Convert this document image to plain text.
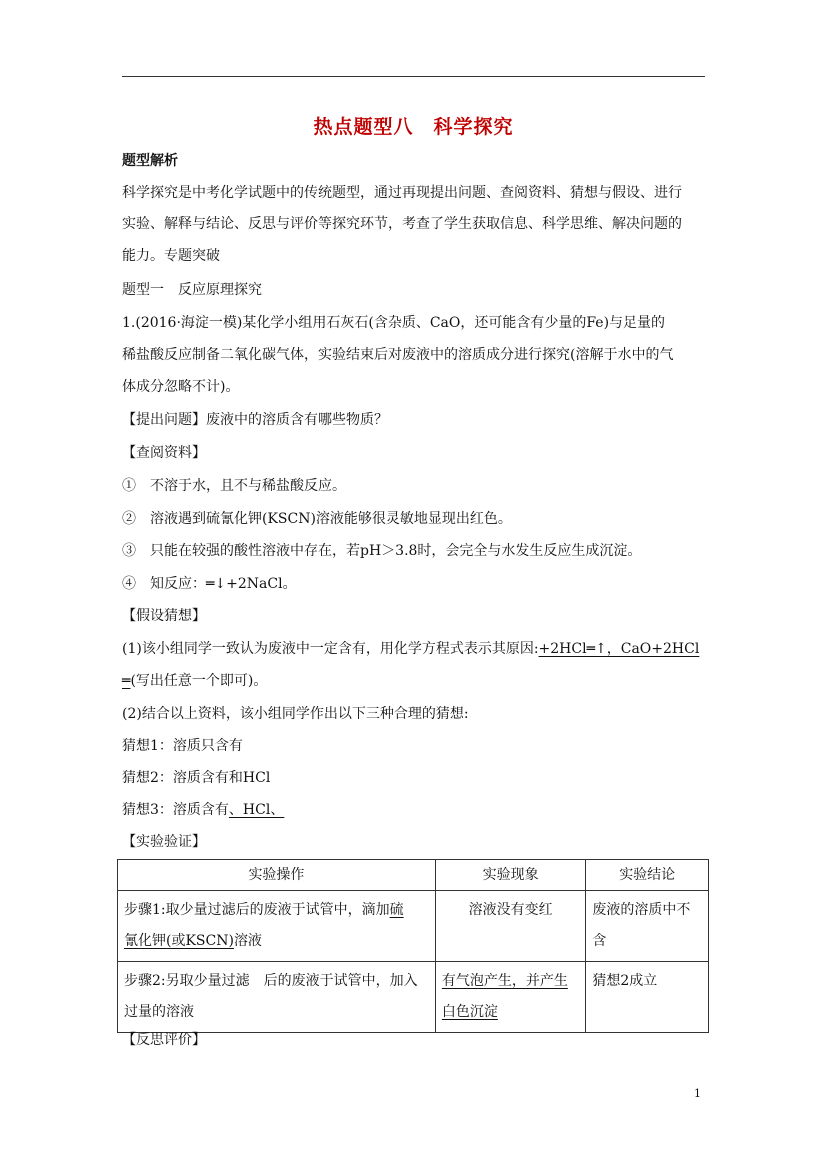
热点题型八　科学探究
题型解析
科学探究是中考化学试题中的传统题型，通过再现提出问题、查阅资料、猜想与假设、进行
实验、解释与结论、反思与评价等探究环节，考查了学生获取信息、科学思维、解决问题的
能力。专题突破
题型一　反应原理探究
1.(2016·海淀一模)某化学小组用石灰石(含杂质、CaO，还可能含有少量的Fe)与足量的
稀盐酸反应制备二氧化碳气体，实验结束后对废液中的溶质成分进行探究(溶解于水中的气
体成分忽略不计)。
【提出问题】废液中的溶质含有哪些物质？
【查阅资料】
①　不溶于水，且不与稀盐酸反应。
②　溶液遇到硫氰化钾(KSCN)溶液能够很灵敏地显现出红色。
③　只能在较强的酸性溶液中存在，若pH＞3.8时，会完全与水发生反应生成沉淀。
④　知反应：═↓+2NaCl。
【假设猜想】
(1)该小组同学一致认为废液中一定含有，用化学方程式表示其原因:+2HCl═↑，CaO+2HCl
═(写出任意一个即可)。
(2)结合以上资料，该小组同学作出以下三种合理的猜想:
猜想1：溶质只含有
猜想2：溶质含有和HCl
猜想3：溶质含有、HCl、
【实验验证】
实验操作	实验现象	实验结论
步骤1:取少量过滤后的废液于试管中，滴加硫
氰化钾(或KSCN)溶液	溶液没有变红	废液的溶质中不含
步骤2:另取少量过滤　后的废液于试管中，加入过量的溶液	有气泡产生，并产生白色沉淀	猜想2成立
【反思评价】
1
